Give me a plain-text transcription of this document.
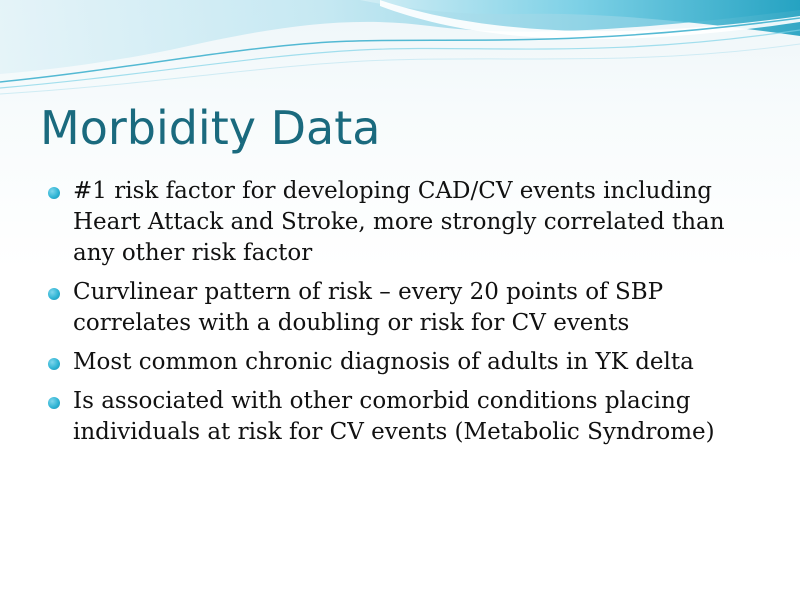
Morbidity Data
#1 risk factor for developing CAD/CV events including Heart Attack and Stroke, more strongly correlated than any other risk factor
Curvlinear pattern of risk – every 20 points of SBP correlates with a doubling or risk for CV events
Most common chronic diagnosis of adults in YK delta
Is associated with other comorbid conditions placing individuals at risk for CV events (Metabolic Syndrome)
